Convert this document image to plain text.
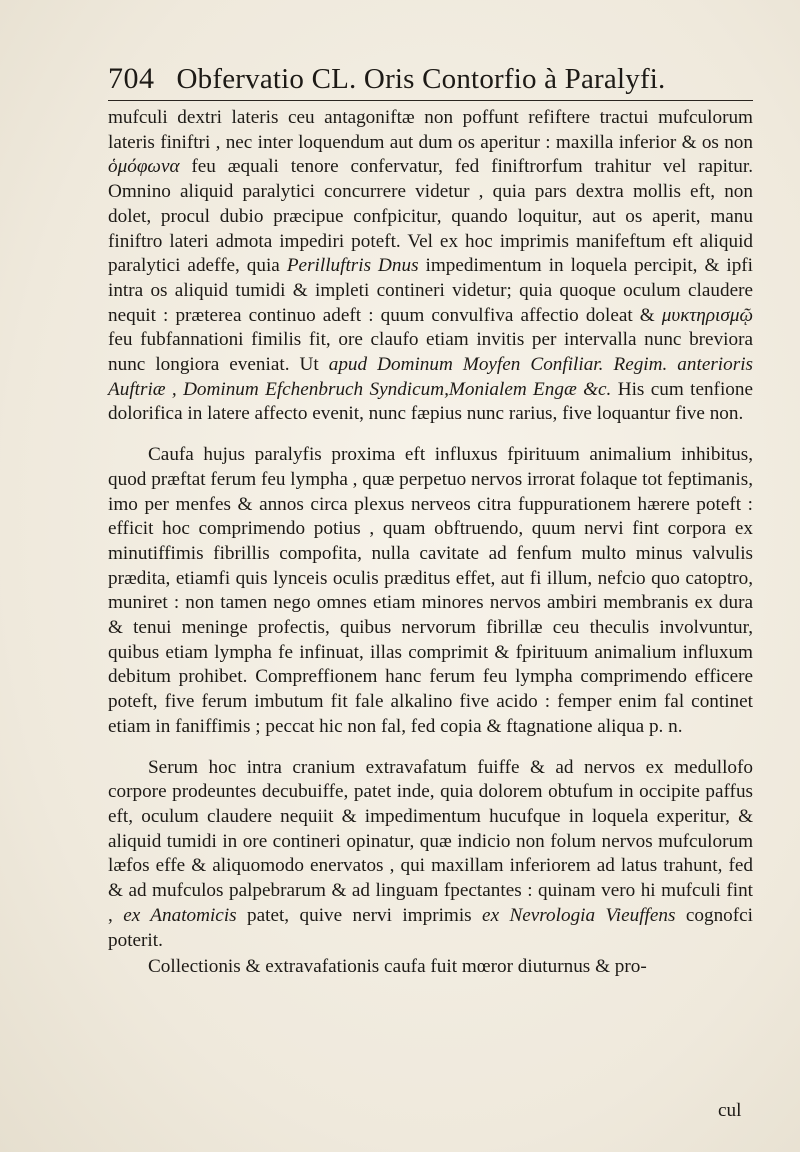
704 Obfervatio CL. Oris Contorfio à Paralyfi.

mufculi dextri lateris ceu antagoniftæ non poffunt refiftere tractui mufculorum lateris finiftri , nec inter loquendum aut dum os aperitur : maxilla inferior & os non ὁμόφωνα feu æquali tenore confervatur, fed finiftrorfum trahitur vel rapitur. Omnino aliquid paralytici concurrere videtur , quia pars dextra mollis eft, non dolet, procul dubio præcipue confpicitur, quando loquitur, aut os aperit, manu finiftro lateri admota impediri poteft. Vel ex hoc imprimis manifeftum eft aliquid paralytici adeffe, quia Perilluftris Dnus impedimentum in loquela percipit, & ipfi intra os aliquid tumidi & impleti contineri videtur; quia quoque oculum claudere nequit : præterea continuo adeft : quum convulfiva affectio doleat & μυκτηρισμῷ feu fubfannationi fimilis fit, ore claufo etiam invitis per intervalla nunc breviora nunc longiora eveniat. Ut apud Dominum Moyfen Confiliar. Regim. anterioris Auftriæ , Dominum Efchenbruch Syndicum,Monialem Engæ &c. His cum tenfione dolorifica in latere affecto evenit, nunc fæpius nunc rarius, five loquantur five non.

Caufa hujus paralyfis proxima eft influxus fpirituum animalium inhibitus, quod præftat ferum feu lympha , quæ perpetuo nervos irrorat folaque tot feptimanis, imo per menfes & annos circa plexus nerveos citra fuppurationem hærere poteft : efficit hoc comprimendo potius , quam obftruendo, quum nervi fint corpora ex minutiffimis fibrillis compofita, nulla cavitate ad fenfum multo minus valvulis prædita, etiamfi quis lynceis oculis præditus effet, aut fi illum, nefcio quo catoptro, muniret : non tamen nego omnes etiam minores nervos ambiri membranis ex dura & tenui meninge profectis, quibus nervorum fibrillæ ceu theculis involvuntur, quibus etiam lympha fe infinuat, illas comprimit & fpirituum animalium influxum debitum prohibet. Compreffionem hanc ferum feu lympha comprimendo efficere poteft, five ferum imbutum fit fale alkalino five acido : femper enim fal continet etiam in faniffimis ; peccat hic non fal, fed copia & ftagnatione aliqua p. n.

Serum hoc intra cranium extravafatum fuiffe & ad nervos ex medullofo corpore prodeuntes decubuiffe, patet inde, quia dolorem obtufum in occipite paffus eft, oculum claudere nequiit & impedimentum hucufque in loquela experitur, & aliquid tumidi in ore contineri opinatur, quæ indicio non folum nervos mufculorum læfos effe & aliquomodo enervatos , qui maxillam inferiorem ad latus trahunt, fed & ad mufculos palpebrarum & ad linguam fpectantes : quinam vero hi mufculi fint , ex Anatomicis patet, quive nervi imprimis ex Nevrologia Vieuffens cognofci poterit.

Collectionis & extravafationis caufa fuit mœror diuturnus & pro-

cul
